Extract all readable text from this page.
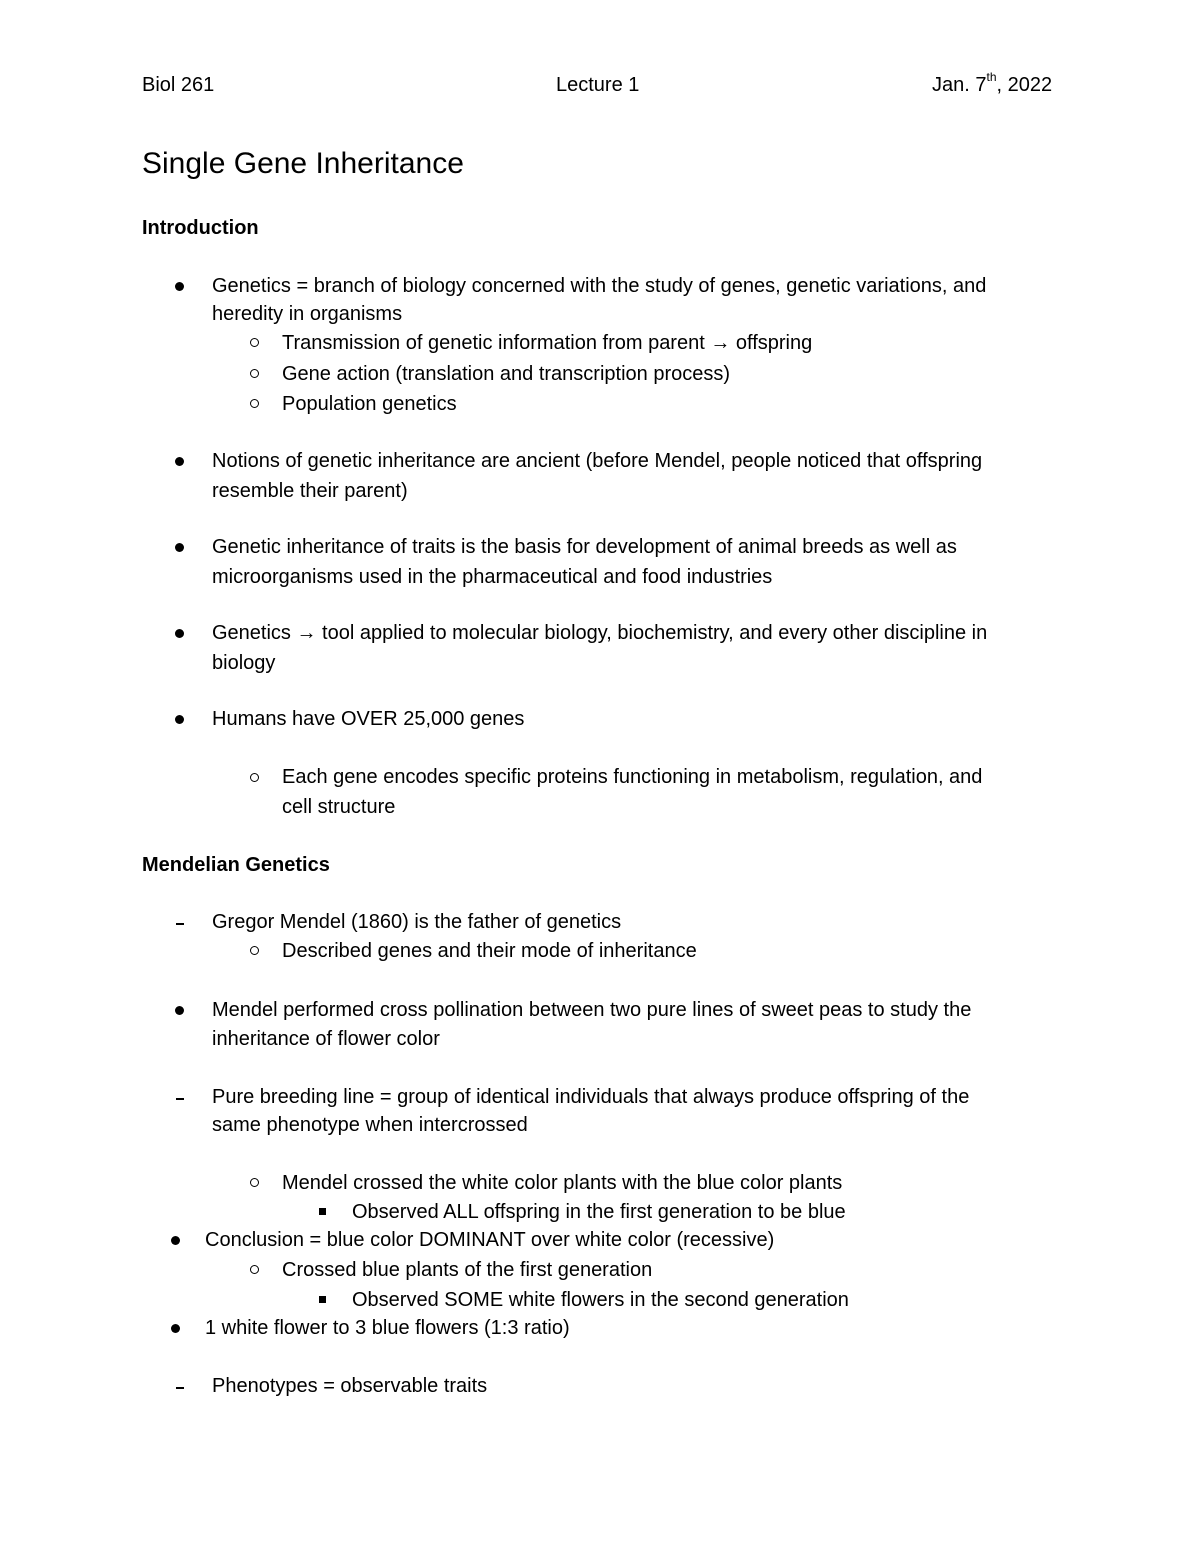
Biol 261	Lecture 1	Jan. 7th, 2022
Single Gene Inheritance
Introduction
Genetics = branch of biology concerned with the study of genes, genetic variations, and
heredity in organisms
Transmission of genetic information from parent → offspring
Gene action (translation and transcription process)
Population genetics
Notions of genetic inheritance are ancient (before Mendel, people noticed that offspring
resemble their parent)
Genetic inheritance of traits is the basis for development of animal breeds as well as
microorganisms used in the pharmaceutical and food industries
Genetics → tool applied to molecular biology, biochemistry, and every other discipline in
biology
Humans have OVER 25,000 genes
Each gene encodes specific proteins functioning in metabolism, regulation, and
cell structure
Mendelian Genetics
Gregor Mendel (1860) is the father of genetics
Described genes and their mode of inheritance
Mendel performed cross pollination between two pure lines of sweet peas to study the
inheritance of flower color
Pure breeding line = group of identical individuals that always produce offspring of the
same phenotype when intercrossed
Mendel crossed the white color plants with the blue color plants
Observed ALL offspring in the first generation to be blue
Conclusion = blue color DOMINANT over white color (recessive)
Crossed blue plants of the first generation
Observed SOME white flowers in the second generation
1 white flower to 3 blue flowers (1:3 ratio)
Phenotypes = observable traits
